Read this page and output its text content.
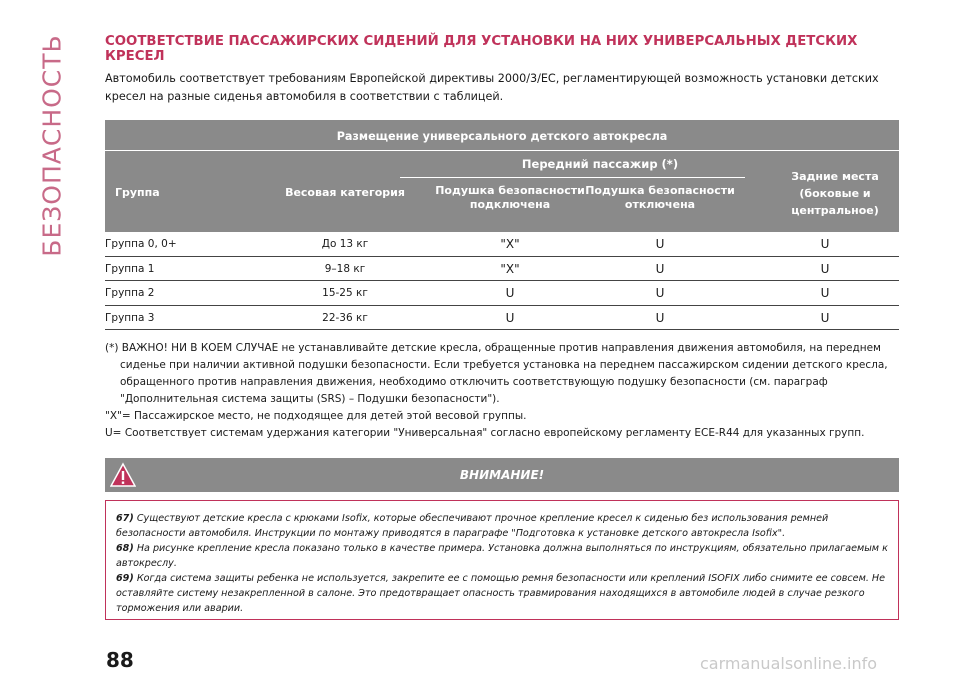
БЕЗОПАСНОСТЬ	СООТВЕТСТВИЕ ПАССАЖИРСКИХ СИДЕНИЙ ДЛЯ УСТАНОВКИ НА НИХ УНИВЕРСАЛЬНЫХ ДЕТСКИХ КРЕСЕЛ
Автомобиль соответствует требованиям Европейской директивы 2000/3/ЕС, регламентирующей возможность установки детских кресел на разные сиденья автомобиля в соответствии с таблицей.
Размещение универсального детского автокресла
Группа	Весовая категория
Передний пассажир (*)
Подушка безопасности подключена
Подушка безопасности отключена
Задние места (боковые и центральное)
Группа 0, 0+	До 13 кг	"X"	U	U
Группа 1	9–18 кг	"X"	U	U
Группа 2	15-25 кг	U	U	U
Группа 3	22-36 кг	U	U	U

(*) ВАЖНО! НИ В КОЕМ СЛУЧАЕ не устанавливайте детские кресла, обращенные против направления движения автомобиля, на переднем

сиденье при наличии активной подушки безопасности. Если требуется установка на переднем пассажирском сидении детского кресла,

обращенного против направления движения, необходимо отключить соответствующую подушку безопасности (см. параграф

"Дополнительная система защиты (SRS) – Подушки безопасности").

"X"= Пассажирское место, не подходящее для детей этой весовой группы.

U= Соответствует системам удержания категории "Универсальная" согласно европейскому регламенту ECE-R44 для указанных групп.

ВНИМАНИЕ!
67) Существуют детские кресла с крюками Isofix, которые обеспечивают прочное крепление кресел к сиденью без использования ремней безопасности автомобиля. Инструкции по монтажу приводятся в параграфе "Подготовка к установке детского автокресла Isofix".
68) На рисунке крепление кресла показано только в качестве примера. Установка должна выполняться по инструкциям, обязательно прилагаемым к автокреслу.
69) Когда система защиты ребенка не используется, закрепите ее с помощью ремня безопасности или креплений ISOFIX либо снимите ее совсем. Не оставляйте систему незакрепленной в салоне. Это предотвращает опасность травмирования находящихся в автомобиле людей в случае резкого торможения или аварии.
88	carmanualsonline.info
